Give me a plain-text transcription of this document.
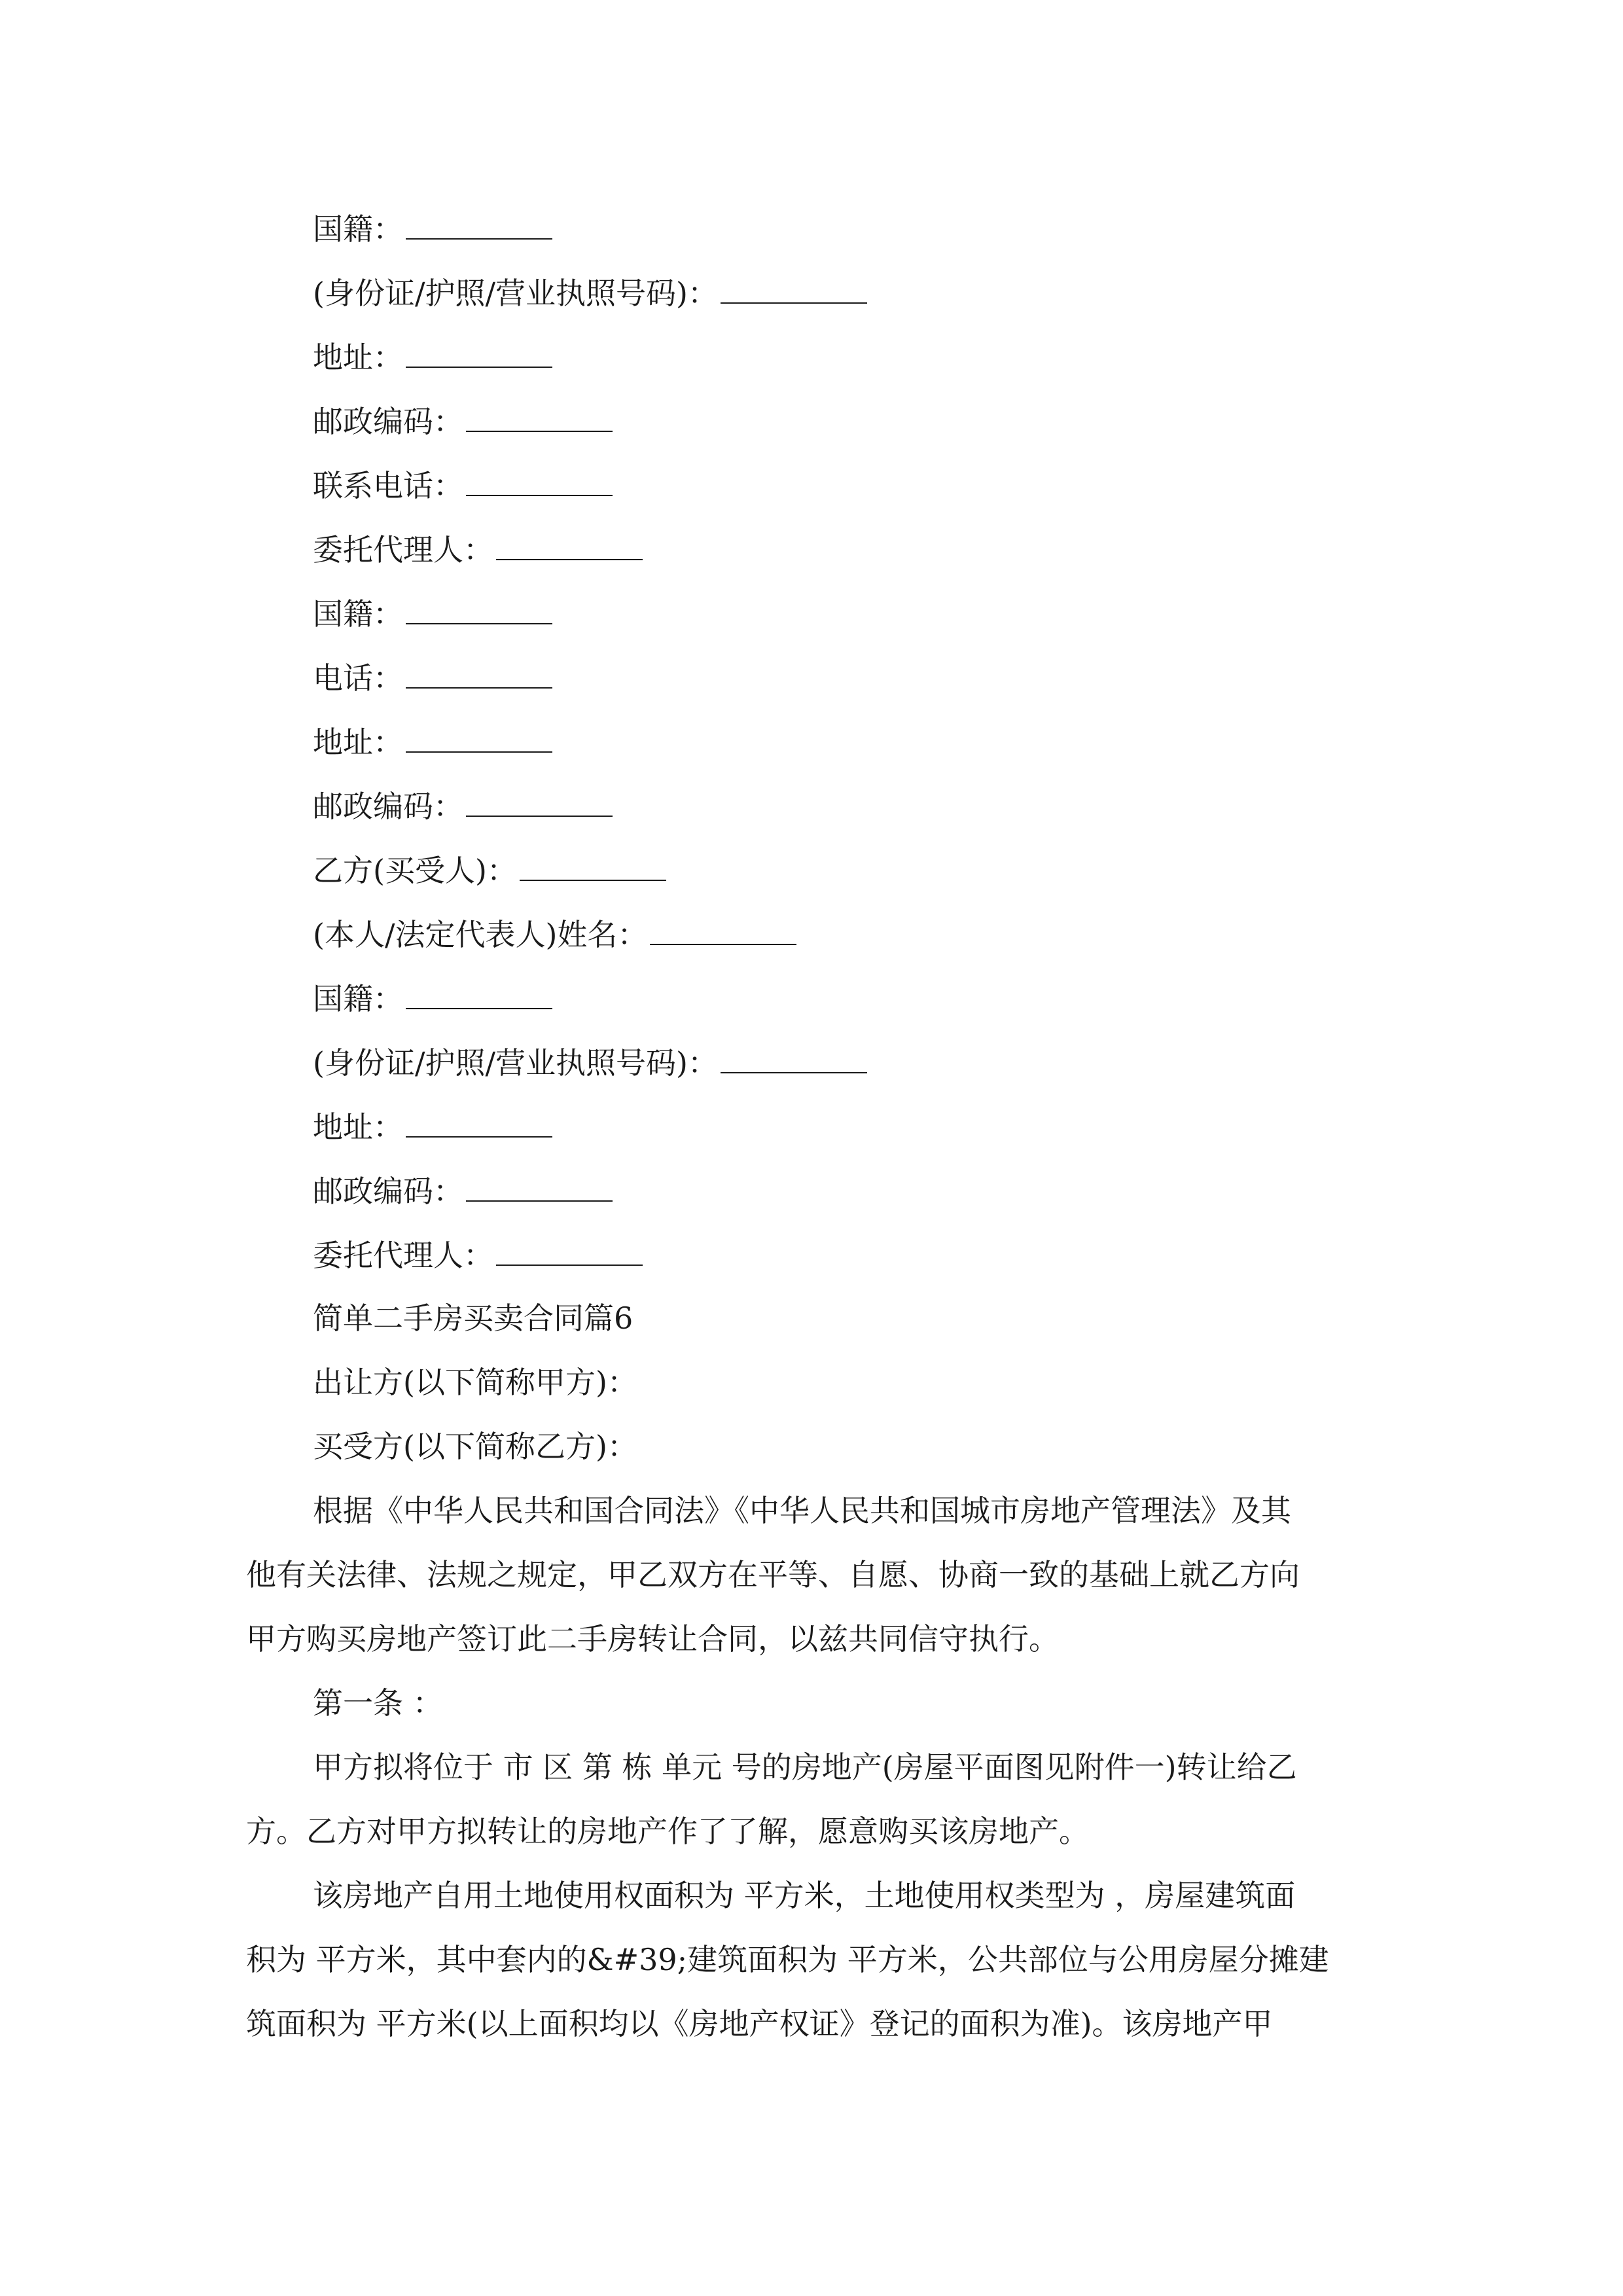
国籍：
(身份证/护照/营业执照号码)：
地址：
邮政编码：
联系电话：
委托代理人：
国籍：
电话：
地址：
邮政编码：
乙方(买受人)：
(本人/法定代表人)姓名：
国籍：
(身份证/护照/营业执照号码)：
地址：
邮政编码：
委托代理人：
简单二手房买卖合同篇6
出让方(以下简称甲方)：
买受方(以下简称乙方)：
根据《中华人民共和国合同法》《中华人民共和国城市房地产管理法》及其
他有关法律、法规之规定，甲乙双方在平等、自愿、协商一致的基础上就乙方向
甲方购买房地产签订此二手房转让合同，以兹共同信守执行。
第一条 ：
甲方拟将位于 市 区 第 栋 单元 号的房地产(房屋平面图见附件一)转让给乙
方。乙方对甲方拟转让的房地产作了了解，愿意购买该房地产。
该房地产自用土地使用权面积为 平方米，土地使用权类型为 ，房屋建筑面
积为 平方米，其中套内的&#39;建筑面积为 平方米，公共部位与公用房屋分摊建
筑面积为 平方米(以上面积均以《房地产权证》登记的面积为准)。该房地产甲
